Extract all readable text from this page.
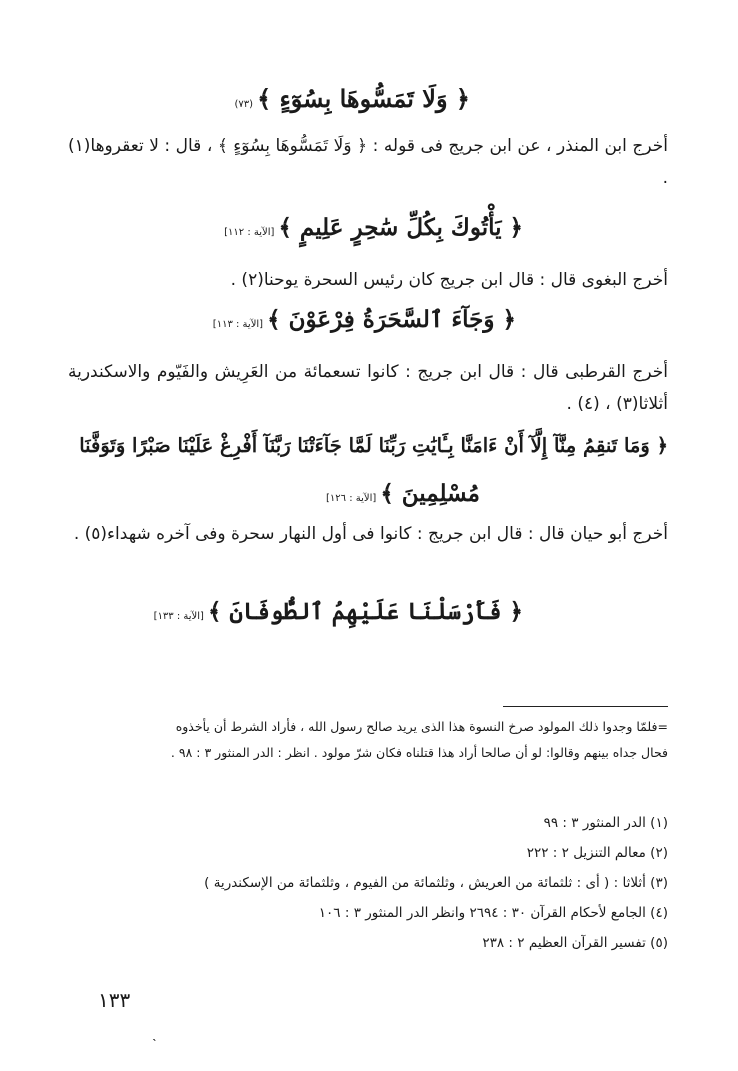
﴿ وَلَا تَمَسُّوهَا بِسُوٓءٍ ﴾(٧٣)

أخرج ابن المنذر ، عن ابن جريج فى قوله : ﴿ وَلَا تَمَسُّوهَا بِسُوٓءٍ ﴾ ، قال : لا تعقروها(١) .

﴿ يَأْتُوكَ بِكُلِّ سَٰحِرٍ عَلِيمٍ ﴾[الآية : ١١٢]

أخرج البغوى قال : قال ابن جريج كان رئيس السحرة يوحنا(٢) .

﴿ وَجَآءَ ٱلسَّحَرَةُ فِرْعَوْنَ ﴾[الآية : ١١٣]

أخرج القرطبى قال : قال ابن جريج : كانوا تسعمائة من العَرِيش والفَيّوم والاسكندرية أثلاثا(٣) ، (٤) .

﴿ وَمَا تَنقِمُ مِنَّآ إِلَّآ أَنْ ءَامَنَّا بِـَٔايَٰتِ رَبِّنَا لَمَّا جَآءَتْنَا رَبَّنَآ أَفْرِغْ عَلَيْنَا صَبْرًا وَتَوَفَّنَا
مُسْلِمِينَ ﴾[الآية : ١٢٦]

أخرج أبو حيان قال : قال ابن جريج : كانوا فى أول النهار سحرة وفى آخره شهداء(٥) .

﴿ فَأَرْسَلْنَا عَلَيْهِمُ ٱلطُّوفَانَ ﴾[الآية : ١٣٣]
=فلمّا وجدوا ذلك المولود صرخ النسوة هذا الذى يريد صالح رسول الله ، فأراد الشرط أن يأخذوه
فحال جداه بينهم وقالوا: لو أن صالحا أراد هذا قتلناه فكان شرّ مولود . انظر : الدر المنثور ٣ : ٩٨ .
(١) الدر المنثور ٣ : ٩٩
(٢) معالم التنزيل ٢ : ٢٢٢
(٣) أثلاثا : ( أى : ثلثمائة من العريش ، وثلثمائة من الفيوم ، وثلثمائة من الإسكندرية )
(٤) الجامع لأحكام القرآن ٣٠ : ٢٦٩٤ وانظر الدر المنثور ٣ : ١٠٦
(٥) تفسير القرآن العظيم ٢ : ٢٣٨
١٣٣
˴
